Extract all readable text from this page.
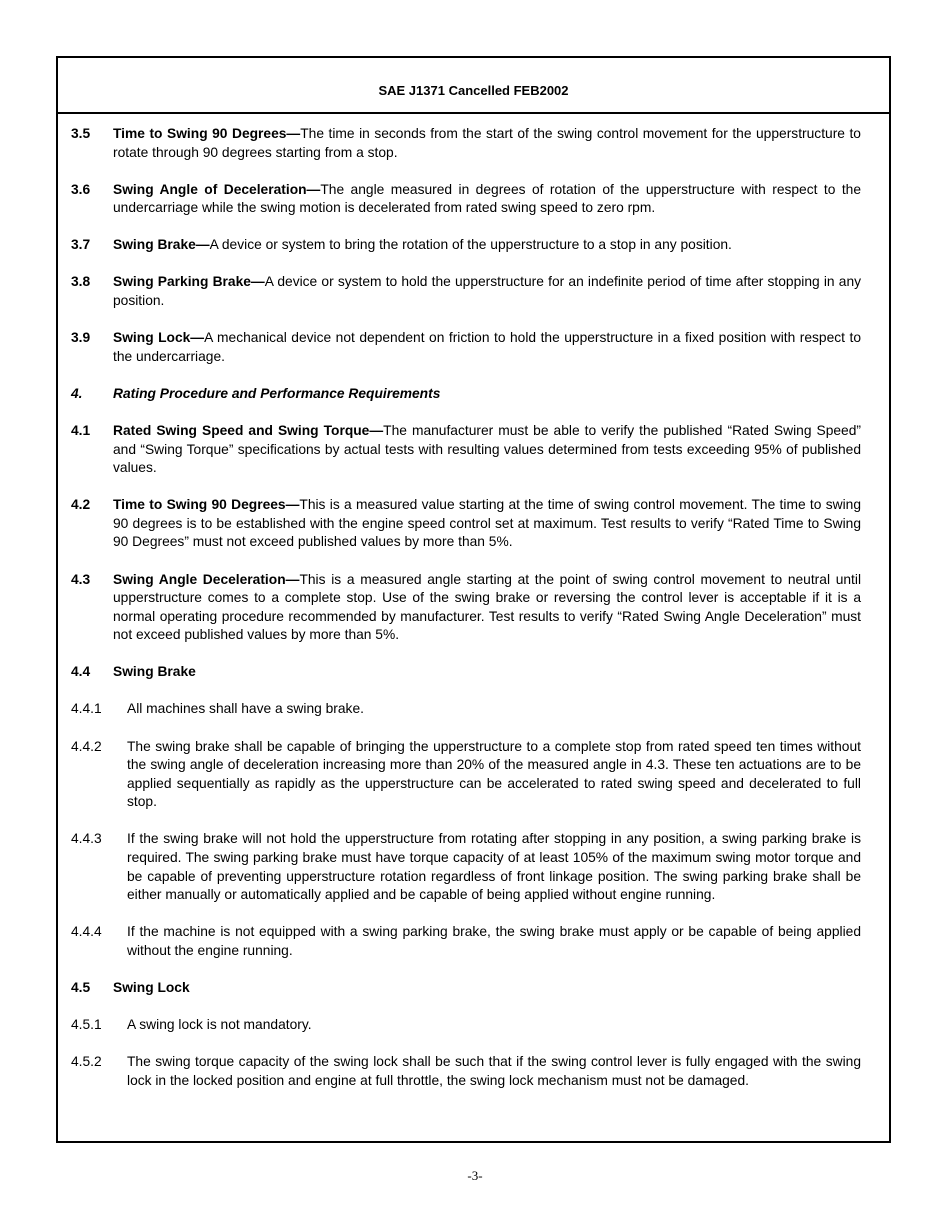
SAE J1371 Cancelled FEB2002
3.5	Time to Swing 90 Degrees—The time in seconds from the start of the swing control movement for the upperstructure to rotate through 90 degrees starting from a stop.
3.6	Swing Angle of Deceleration—The angle measured in degrees of rotation of the upperstructure with respect to the undercarriage while the swing motion is decelerated from rated swing speed to zero rpm.
3.7	Swing Brake—A device or system to bring the rotation of the upperstructure to a stop in any position.
3.8	Swing Parking Brake—A device or system to hold the upperstructure for an indefinite period of time after stopping in any position.
3.9	Swing Lock—A mechanical device not dependent on friction to hold the upperstructure in a fixed position with respect to the undercarriage.
4.	Rating Procedure and Performance Requirements
4.1	Rated Swing Speed and Swing Torque—The manufacturer must be able to verify the published “Rated Swing Speed” and “Swing Torque” specifications by actual tests with resulting values determined from tests exceeding 95% of published values.
4.2	Time to Swing 90 Degrees—This is a measured value starting at the time of swing control movement. The time to swing 90 degrees is to be established with the engine speed control set at maximum. Test results to verify “Rated Time to Swing 90 Degrees” must not exceed published values by more than 5%.
4.3	Swing Angle Deceleration—This is a measured angle starting at the point of swing control movement to neutral until upperstructure comes to a complete stop. Use of the swing brake or reversing the control lever is acceptable if it is a normal operating procedure recommended by manufacturer. Test results to verify “Rated Swing Angle Deceleration” must not exceed published values by more than 5%.
4.4	Swing Brake
4.4.1	All machines shall have a swing brake.
4.4.2	The swing brake shall be capable of bringing the upperstructure to a complete stop from rated speed ten times without the swing angle of deceleration increasing more than 20% of the measured angle in 4.3. These ten actuations are to be applied sequentially as rapidly as the upperstructure can be accelerated to rated swing speed and decelerated to full stop.
4.4.3	If the swing brake will not hold the upperstructure from rotating after stopping in any position, a swing parking brake is required. The swing parking brake must have torque capacity of at least 105% of the maximum swing motor torque and be capable of preventing upperstructure rotation regardless of front linkage position. The swing parking brake shall be either manually or automatically applied and be capable of being applied without engine running.
4.4.4	If the machine is not equipped with a swing parking brake, the swing brake must apply or be capable of being applied without the engine running.
4.5	Swing Lock
4.5.1	A swing lock is not mandatory.
4.5.2	The swing torque capacity of the swing lock shall be such that if the swing control lever is fully engaged with the swing lock in the locked position and engine at full throttle, the swing lock mechanism must not be damaged.
-3-
